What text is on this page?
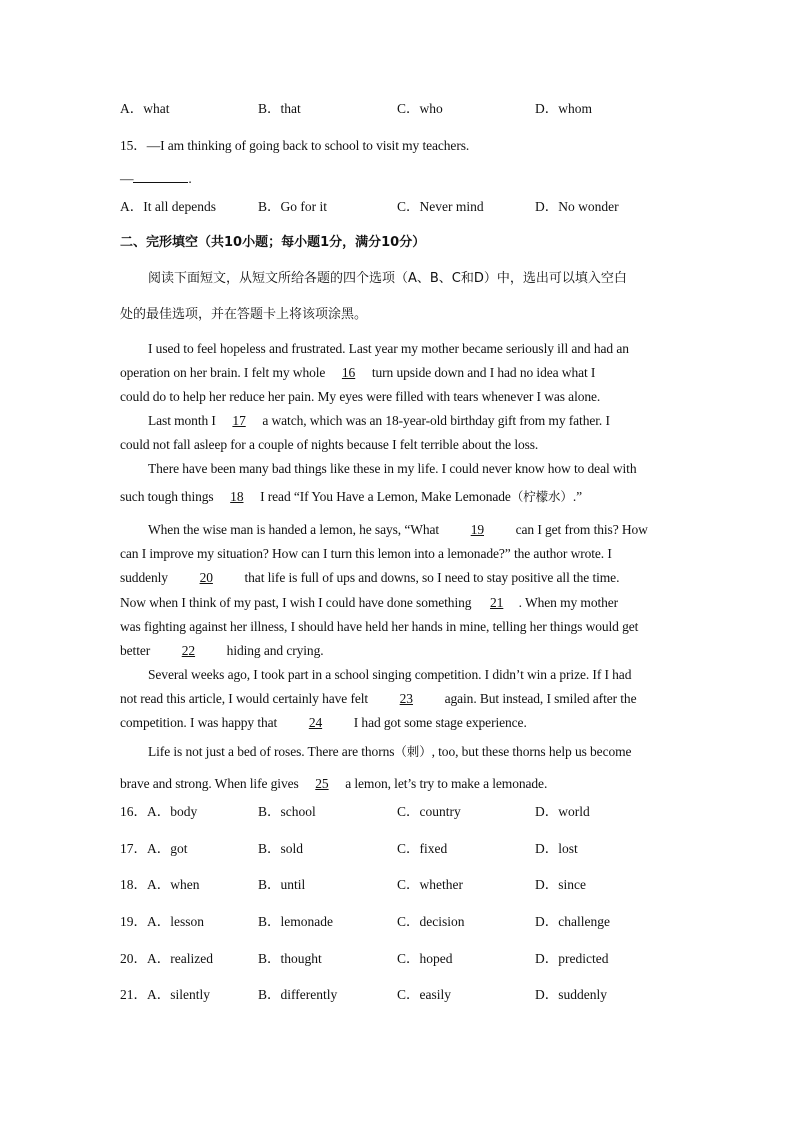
A．what	B．that	C．who	D．whom
15．—I am thinking of going back to school to visit my teachers.
—	.
A．It all depends	B．Go for it	C．Never mind	D．No wonder
二、完形填空（共10小题；每小题1分，满分10分）
阅读下面短文，从短文所给各题的四个选项（A、B、C和D）中，选出可以填入空白
处的最佳选项，并在答题卡上将该项涂黑。
I used to feel hopeless and frustrated. Last year my mother became seriously ill and had an
operation on her brain. I felt my whole 16 turn upside down and I had no idea what I
could do to help her reduce her pain. My eyes were filled with tears whenever I was alone.
Last month I 17 a watch, which was an 18-year-old birthday gift from my father. I
could not fall asleep for a couple of nights because I felt terrible about the loss.
There have been many bad things like these in my life. I could never know how to deal with
such tough things 18 I read “If You Have a Lemon, Make Lemonade（柠檬水）.”
When the wise man is handed a lemon, he says, “What 19 can I get from this? How
can I improve my situation? How can I turn this lemon into a lemonade?” the author wrote. I
suddenly 20 that life is full of ups and downs, so I need to stay positive all the time.
Now when I think of my past, I wish I could have done something 21 . When my mother
was fighting against her illness, I should have held her hands in mine, telling her things would get
better 22 hiding and crying.
Several weeks ago, I took part in a school singing competition. I didn’t win a prize. If I had
not read this article, I would certainly have felt 23 again. But instead, I smiled after the
competition. I was happy that 24 I had got some stage experience.
Life is not just a bed of roses. There are thorns（刺）, too, but these thorns help us become
brave and strong. When life gives 25 a lemon, let’s try to make a lemonade.
16．A．body	B．school	C．country	D．world
17．A．got	B．sold	C．fixed	D．lost
18．A．when	B．until	C．whether	D．since
19．A．lesson	B．lemonade	C．decision	D．challenge
20．A．realized	B．thought	C．hoped	D．predicted
21．A．silently	B．differently	C．easily	D．suddenly
